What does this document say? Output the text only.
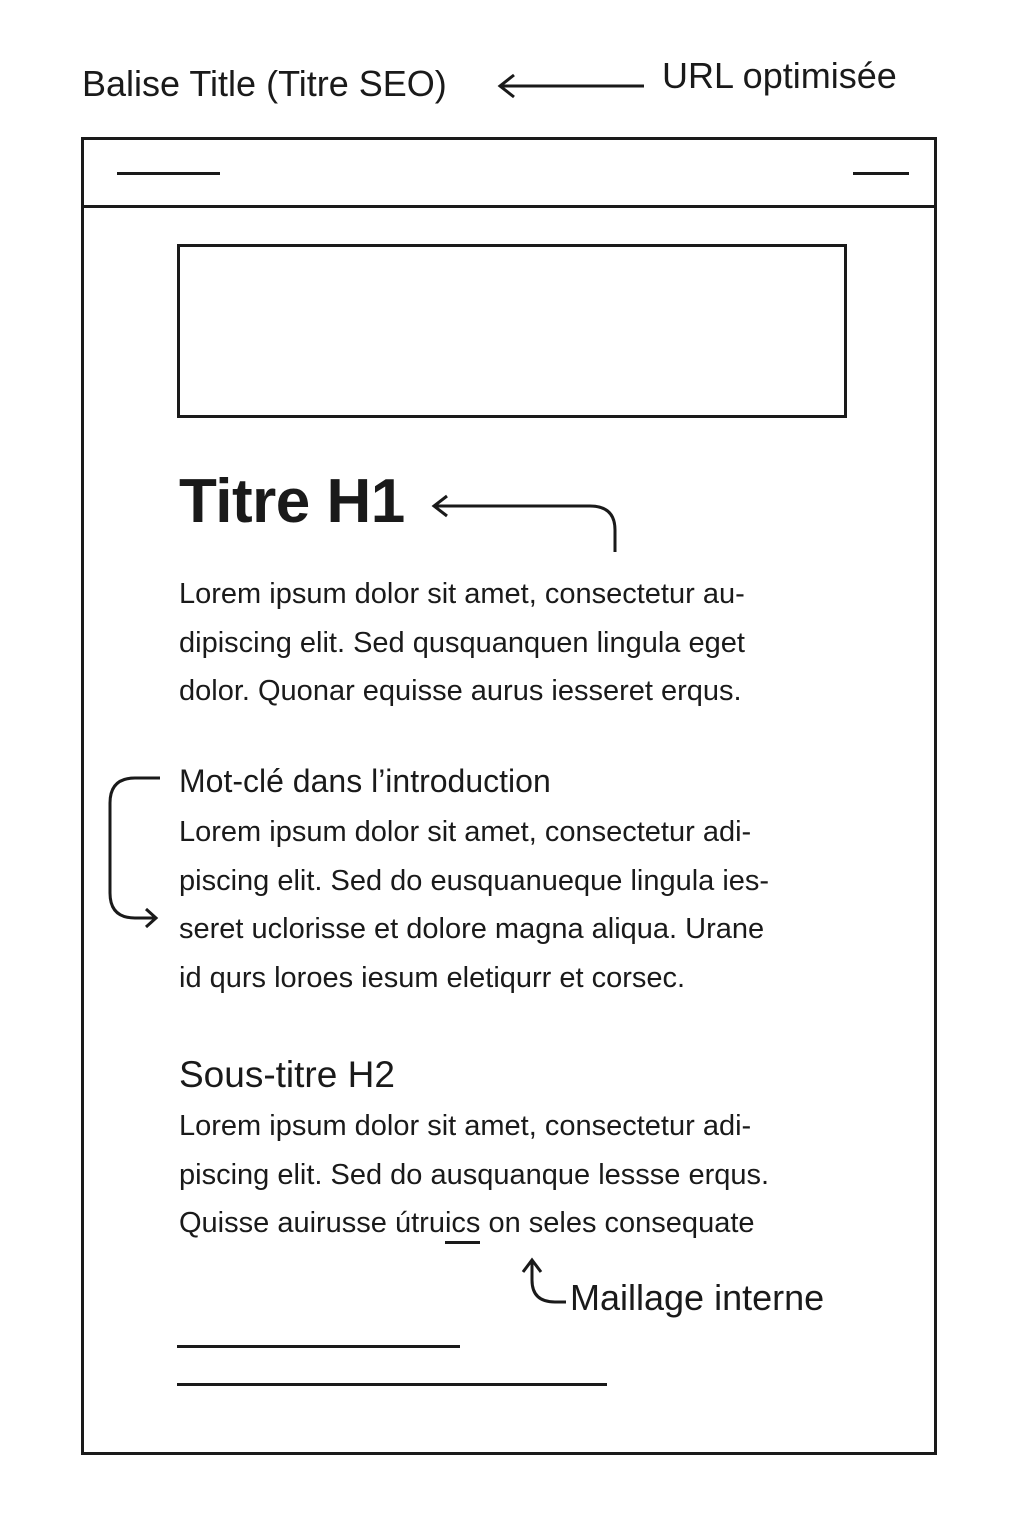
Balise Title (Titre SEO)	URL optimisée
Titre H1
Lorem ipsum dolor sit amet, consectetur au-
dipiscing elit. Sed qusquanquen lingula eget
dolor. Quonar equisse aurus iesseret erqus.
Mot-clé dans l’introduction
Lorem ipsum dolor sit amet, consectetur adi-
piscing elit. Sed do eusquanueque lingula ies-
seret uclorisse et dolore magna aliqua. Urane
id qurs loroes iesum eletiqurr et corsec.
Sous-titre H2
Lorem ipsum dolor sit amet, consectetur adi-
piscing elit. Sed do ausquanque lessse erqus.
Quisse auirusse útruics on seles consequate
Maillage interne
